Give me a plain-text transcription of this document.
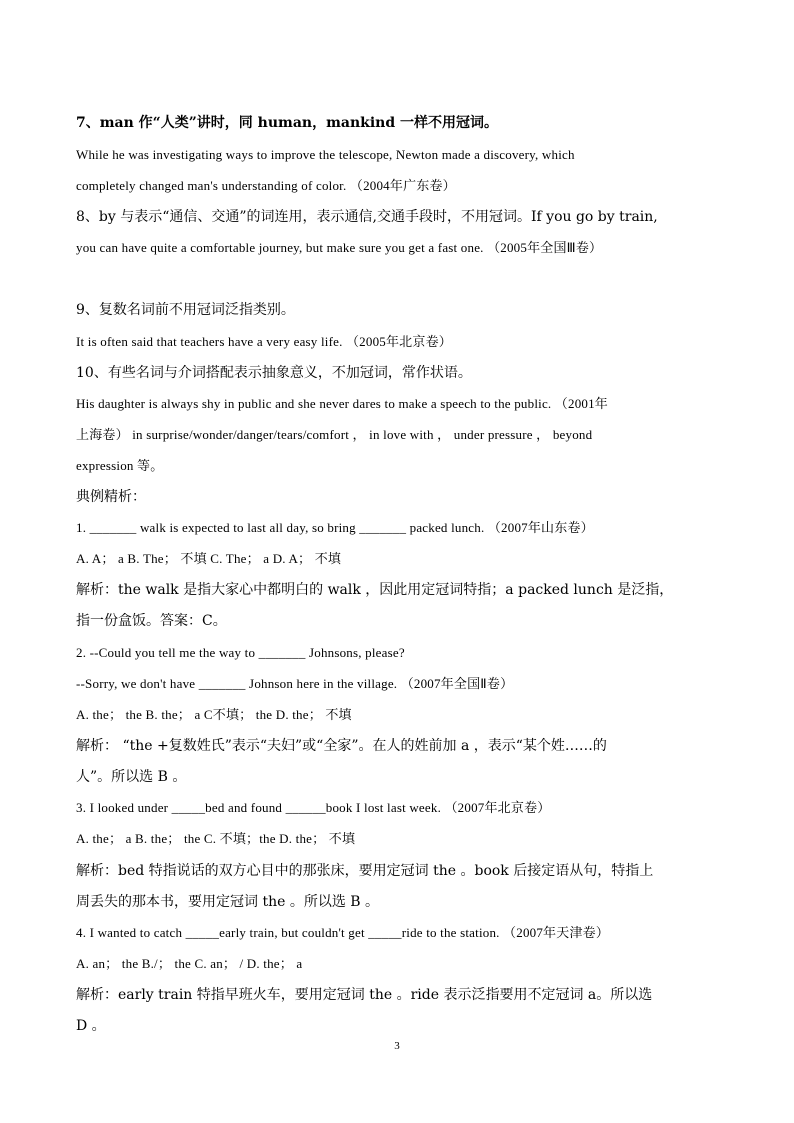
7、man 作“人类”讲时，同 human，mankind 一样不用冠词。
While he was investigating ways to improve the telescope, Newton made a discovery, which
completely changed man's understanding of color. （2004年广东卷）
8、by 与表示“通信、交通”的词连用，表示通信,交通手段时，不用冠词。If you go by train,
you can have quite a comfortable journey, but make sure you get a fast one. （2005年全国Ⅲ卷）
9、复数名词前不用冠词泛指类别。
It is often said that teachers have a very easy life. （2005年北京卷）
10、有些名词与介词搭配表示抽象意义，不加冠词，常作状语。
His daughter is always shy in public and she never dares to make a speech to the public. （2001年
上海卷） in surprise/wonder/danger/tears/comfort ， in love with ， under pressure ， beyond
expression 等。
典例精析：
1. _______ walk is expected to last all day, so bring _______ packed lunch. （2007年山东卷）
A. A； a B. The； 不填 C. The； a D. A； 不填
解析：the walk 是指大家心中都明白的 walk ，因此用定冠词特指；a packed lunch 是泛指，
指一份盒饭。答案：C。
2. --Could you tell me the way to _______ Johnsons, please?
--Sorry, we don't have _______ Johnson here in the village. （2007年全国Ⅱ卷）
A. the； the B. the； a C不填； the D. the； 不填
解析： “the +复数姓氏”表示“夫妇”或“全家”。在人的姓前加 a ，表示“某个姓……的
人”。所以选 B 。
3. I looked under _____bed and found ______book I lost last week. （2007年北京卷）
A. the； a B. the； the C. 不填；the D. the； 不填
解析：bed 特指说话的双方心目中的那张床，要用定冠词 the 。book 后接定语从句，特指上
周丢失的那本书，要用定冠词 the 。所以选 B 。
4. I wanted to catch _____early train, but couldn't get _____ride to the station. （2007年天津卷）
A. an； the B./； the C. an； / D. the； a
解析：early train 特指早班火车，要用定冠词 the 。ride 表示泛指要用不定冠词 a。所以选
D 。
3
